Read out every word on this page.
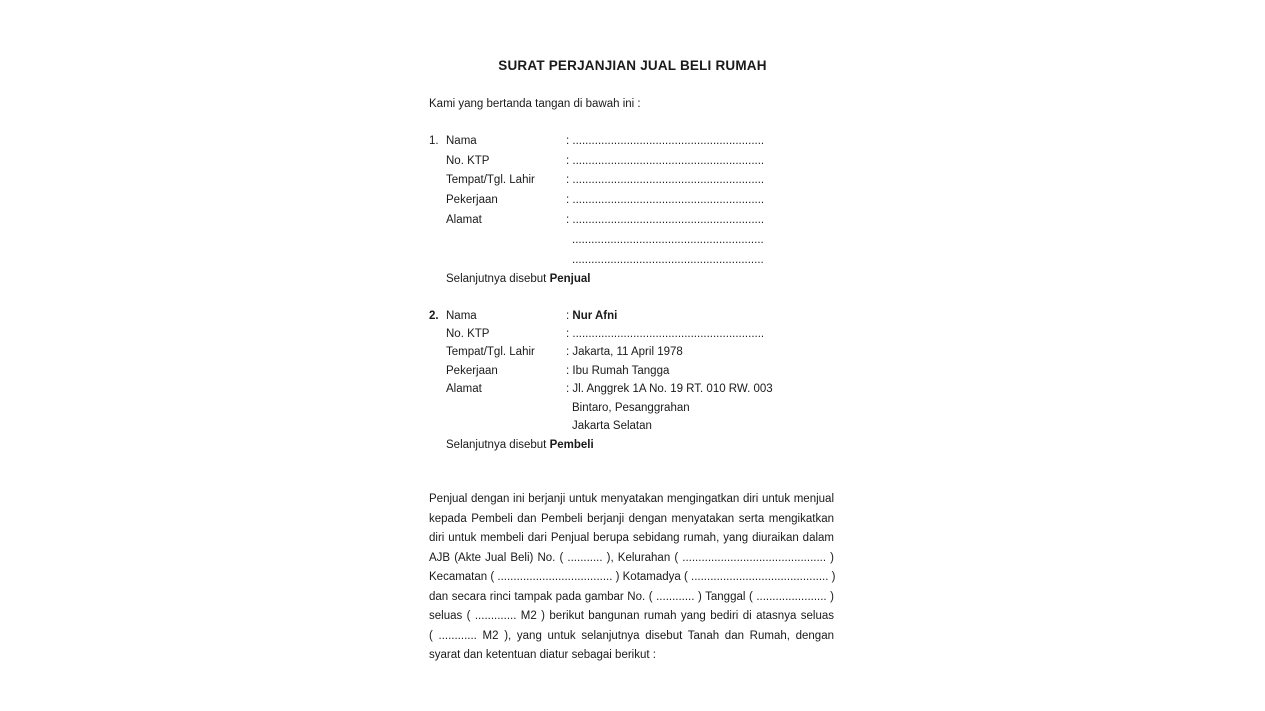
SURAT PERJANJIAN JUAL BELI RUMAH
Kami yang bertanda tangan di bawah ini :
1. Nama	: ............................................................
No. KTP	: ............................................................
Tempat/Tgl. Lahir	: ............................................................
Pekerjaan	: ............................................................
Alamat	: ............................................................
............................................................
............................................................
Selanjutnya disebut Penjual
2. Nama	: Nur Afni
No. KTP	: ............................................................
Tempat/Tgl. Lahir	: Jakarta, 11 April 1978
Pekerjaan	: Ibu Rumah Tangga
Alamat	: Jl. Anggrek 1A No. 19 RT. 010 RW. 003
Bintaro, Pesanggrahan
Jakarta Selatan
Selanjutnya disebut Pembeli
Penjual dengan ini berjanji untuk menyatakan mengingatkan diri untuk menjual
kepada Pembeli dan Pembeli berjanji dengan menyatakan serta mengikatkan
diri untuk membeli dari Penjual berupa sebidang rumah, yang diuraikan dalam
AJB (Akte Jual Beli) No. ( ........... ), Kelurahan ( ............................................. )
Kecamatan ( .................................... ) Kotamadya ( ........................................... )
dan secara rinci tampak pada gambar No. ( ............ ) Tanggal ( ...................... )
seluas ( ............. M2 ) berikut bangunan rumah yang bediri di atasnya seluas
( ............ M2 ), yang untuk selanjutnya disebut Tanah dan Rumah, dengan
syarat dan ketentuan diatur sebagai berikut :
